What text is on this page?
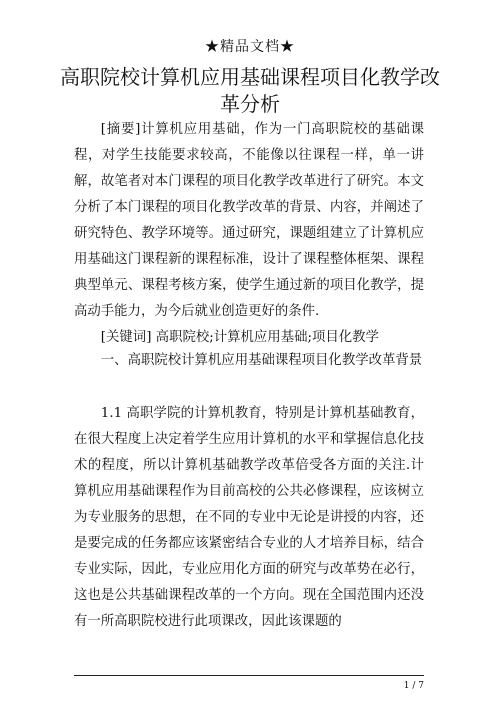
★精品文档★
高职院校计算机应用基础课程项目化教学改革分析

[摘要]计算机应用基础，作为一门高职院校的基础课程，对学生技能要求较高，不能像以往课程一样，单一讲解，故笔者对本门课程的项目化教学改革进行了研究。本文分析了本门课程的项目化教学改革的背景、内容，并阐述了研究特色、教学环境等。通过研究，课题组建立了计算机应用基础这门课程新的课程标准，设计了课程整体框架、课程典型单元、课程考核方案，使学生通过新的项目化教学，提高动手能力，为今后就业创造更好的条件.

[关键词] 高职院校;计算机应用基础;项目化教学
一、高职院校计算机应用基础课程项目化教学改革背景

1.1 高职学院的计算机教育，特别是计算机基础教育，在很大程度上决定着学生应用计算机的水平和掌握信息化技术的程度，所以计算机基础教学改革倍受各方面的关注.计算机应用基础课程作为目前高校的公共必修课程，应该树立为专业服务的思想，在不同的专业中无论是讲授的内容，还是要完成的任务都应该紧密结合专业的人才培养目标，结合专业实际，因此，专业应用化方面的研究与改革势在必行，这也是公共基础课程改革的一个方向。现在全国范围内还没有一所高职院校进行此项课改，因此该课题的

1 / 7
